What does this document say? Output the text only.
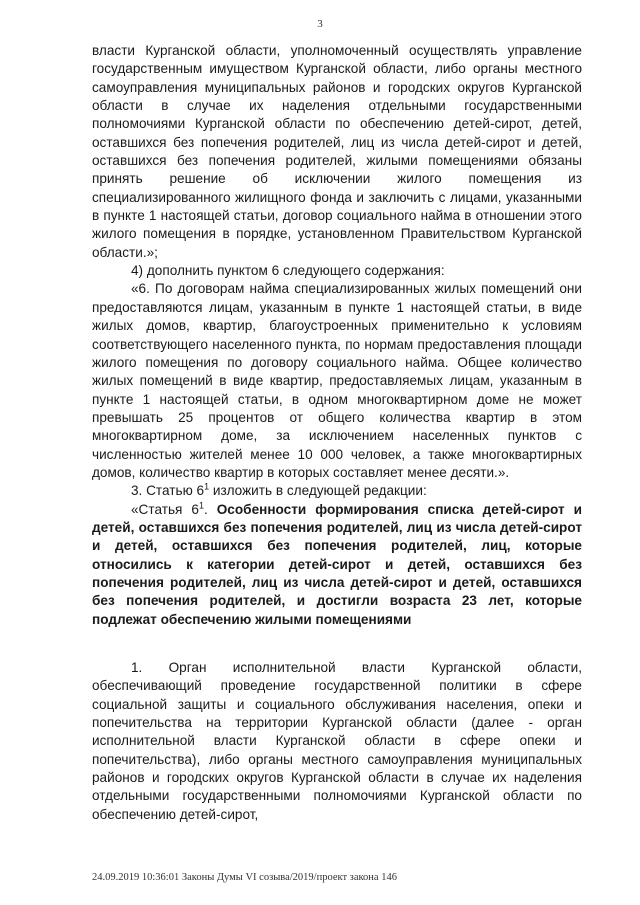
3

власти Курганской области, уполномоченный осуществлять управление государственным имуществом Курганской области, либо органы местного самоуправления муниципальных районов и городских округов Курганской области в случае их наделения отдельными государственными полномочиями Курганской области по обеспечению детей-сирот, детей, оставшихся без попечения родителей, лиц из числа детей-сирот и детей, оставшихся без попечения родителей, жилыми помещениями обязаны принять решение об исключении жилого помещения из специализированного жилищного фонда и заключить с лицами, указанными в пункте 1 настоящей статьи, договор социального найма в отношении этого жилого помещения в порядке, установленном Правительством Курганской области.»;

4) дополнить пунктом 6 следующего содержания:

«6. По договорам найма специализированных жилых помещений они предоставляются лицам, указанным в пункте 1 настоящей статьи, в виде жилых домов, квартир, благоустроенных применительно к условиям соответствующего населенного пункта, по нормам предоставления площади жилого помещения по договору социального найма. Общее количество жилых помещений в виде квартир, предоставляемых лицам, указанным в пункте 1 настоящей статьи, в одном многоквартирном доме не может превышать 25 процентов от общего количества квартир в этом многоквартирном доме, за исключением населенных пунктов с численностью жителей менее 10 000 человек, а также многоквартирных домов, количество квартир в которых составляет менее десяти.».

3. Статью $6^1$ изложить в следующей редакции:

«Статья $6^1$. Особенности формирования списка детей-сирот и детей, оставшихся без попечения родителей, лиц из числа детей-сирот и детей, оставшихся без попечения родителей, лиц, которые относились к категории детей-сирот и детей, оставшихся без попечения родителей, лиц из числа детей-сирот и детей, оставшихся без попечения родителей, и достигли возраста 23 лет, которые подлежат обеспечению жилыми помещениями

1. Орган исполнительной власти Курганской области, обеспечивающий проведение государственной политики в сфере социальной защиты и социального обслуживания населения, опеки и попечительства на территории Курганской области (далее - орган исполнительной власти Курганской области в сфере опеки и попечительства), либо органы местного самоуправления муниципальных районов и городских округов Курганской области в случае их наделения отдельными государственными полномочиями Курганской области по обеспечению детей-сирот,

24.09.2019 10:36:01 Законы Думы VI созыва/2019/проект закона 146
